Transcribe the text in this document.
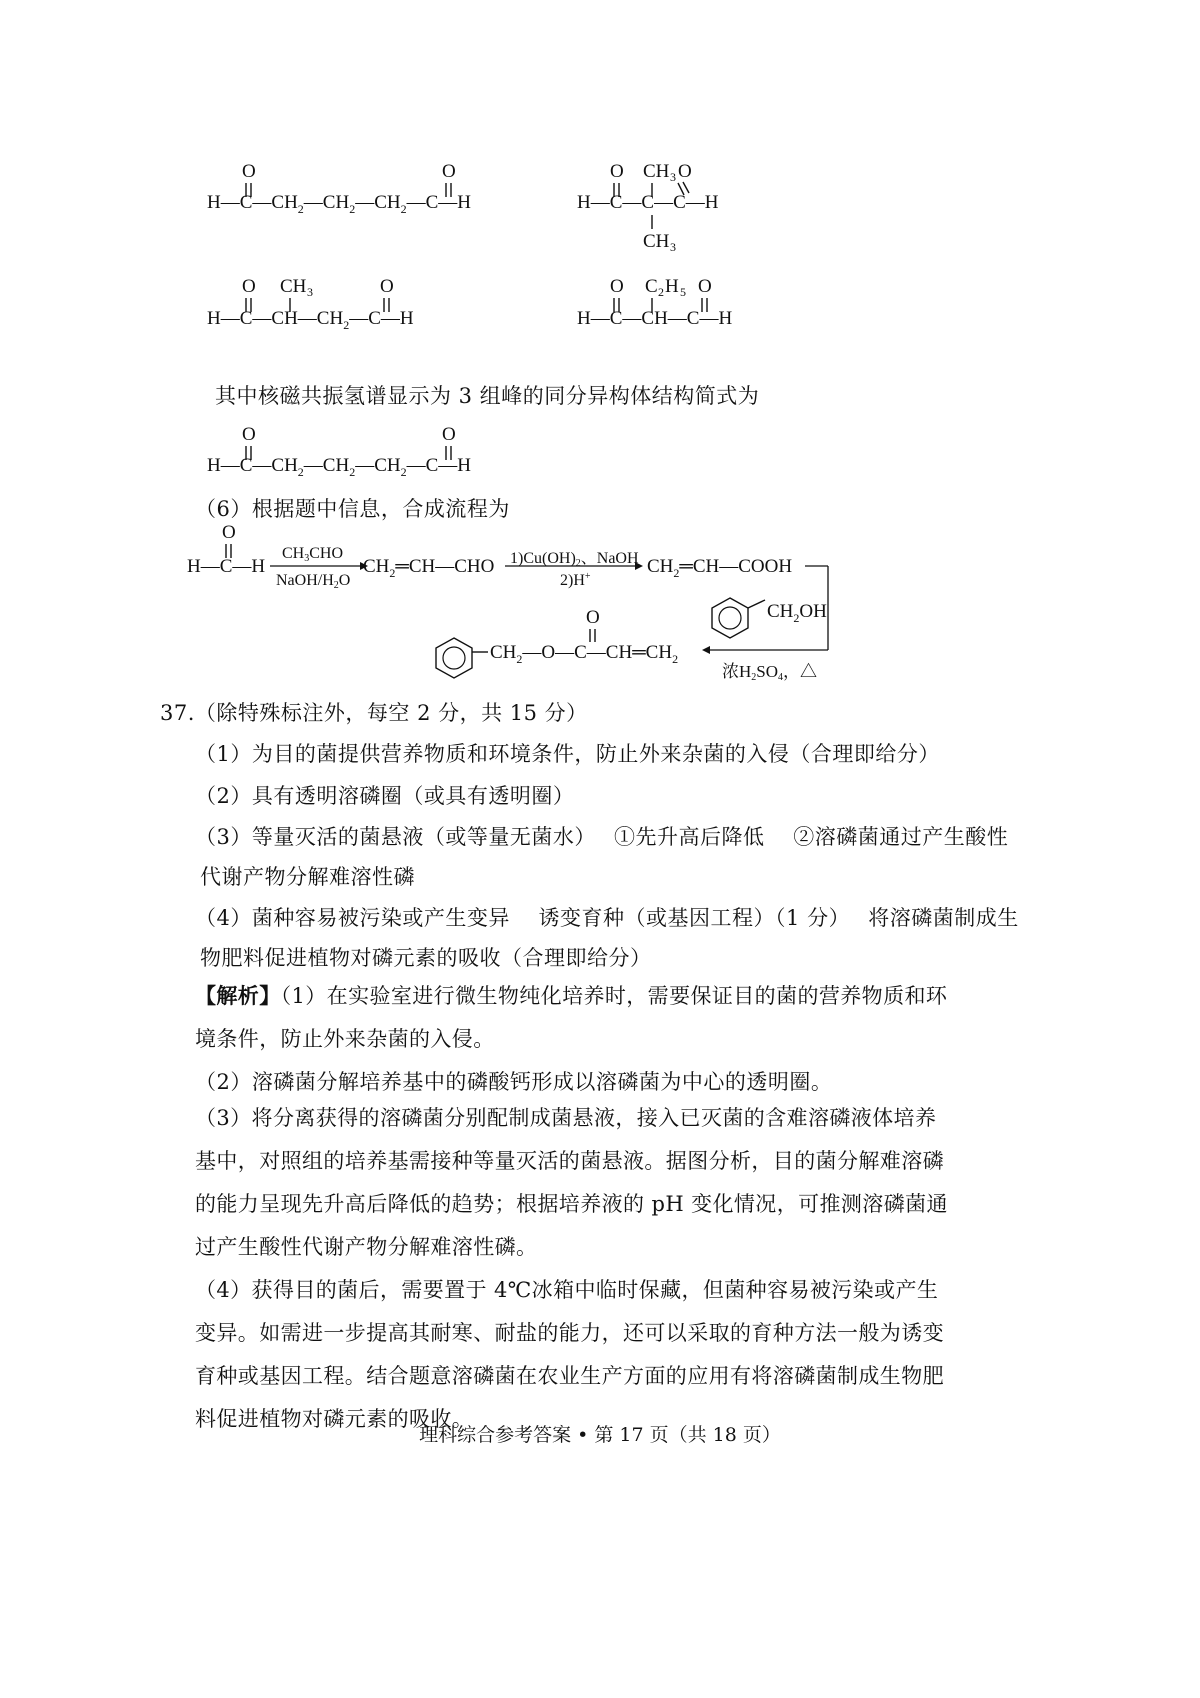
O	O
$H—C—CH_2—CH_2—CH_2—C—H$
O CH 3 O
CH 3
H—C—C—C—H
O CH 3	O
$H—C—CH—CH_2—C—H$
O C 2 H 5 O
H—C—CH—C—H
其中核磁共振氢谱显示为 3 组峰的同分异构体结构简式为
O	O
$H—C—CH_2—CH_2—CH_2—C—H$
（6）根据题中信息，合成流程为
O
O
H—C—H
CH3CHO
NaOH/H2O
$CH_2═CH—CHO$ 1)Cu(OH)2、NaOH
2)H+	$CH_2═CH—COOH$
$CH_2OH$
浓H2SO4，△
$CH_2—O—C—CH═CH_2$
37.（除特殊标注外，每空 2 分，共 15 分）
（1）为目的菌提供营养物质和环境条件，防止外来杂菌的入侵（合理即给分）
（2）具有透明溶磷圈（或具有透明圈）
（3）等量灭活的菌悬液（或等量无菌水）　 ①先升高后降低　 ②溶磷菌通过产生酸性
代谢产物分解难溶性磷
（4）菌种容易被污染或产生变异　 诱变育种（或基因工程）（1 分）　 将溶磷菌制成生
物肥料促进植物对磷元素的吸收（合理即给分）
【解析】（1）在实验室进行微生物纯化培养时，需要保证目的菌的营养物质和环境条件，防止外来杂菌的入侵。
（2）溶磷菌分解培养基中的磷酸钙形成以溶磷菌为中心的透明圈。
（3）将分离获得的溶磷菌分别配制成菌悬液，接入已灭菌的含难溶磷液体培养基中，对照组的培养基需接种等量灭活的菌悬液。据图分析，目的菌分解难溶磷的能力呈现先升高后降低的趋势；根据培养液的 pH 变化情况，可推测溶磷菌通过产生酸性代谢产物分解难溶性磷。
（4）获得目的菌后，需要置于 4℃冰箱中临时保藏，但菌种容易被污染或产生变异。如需进一步提高其耐寒、耐盐的能力，还可以采取的育种方法一般为诱变育种或基因工程。结合题意溶磷菌在农业生产方面的应用有将溶磷菌制成生物肥料促进植物对磷元素的吸收。
理科综合参考答案 • 第 17 页（共 18 页）
